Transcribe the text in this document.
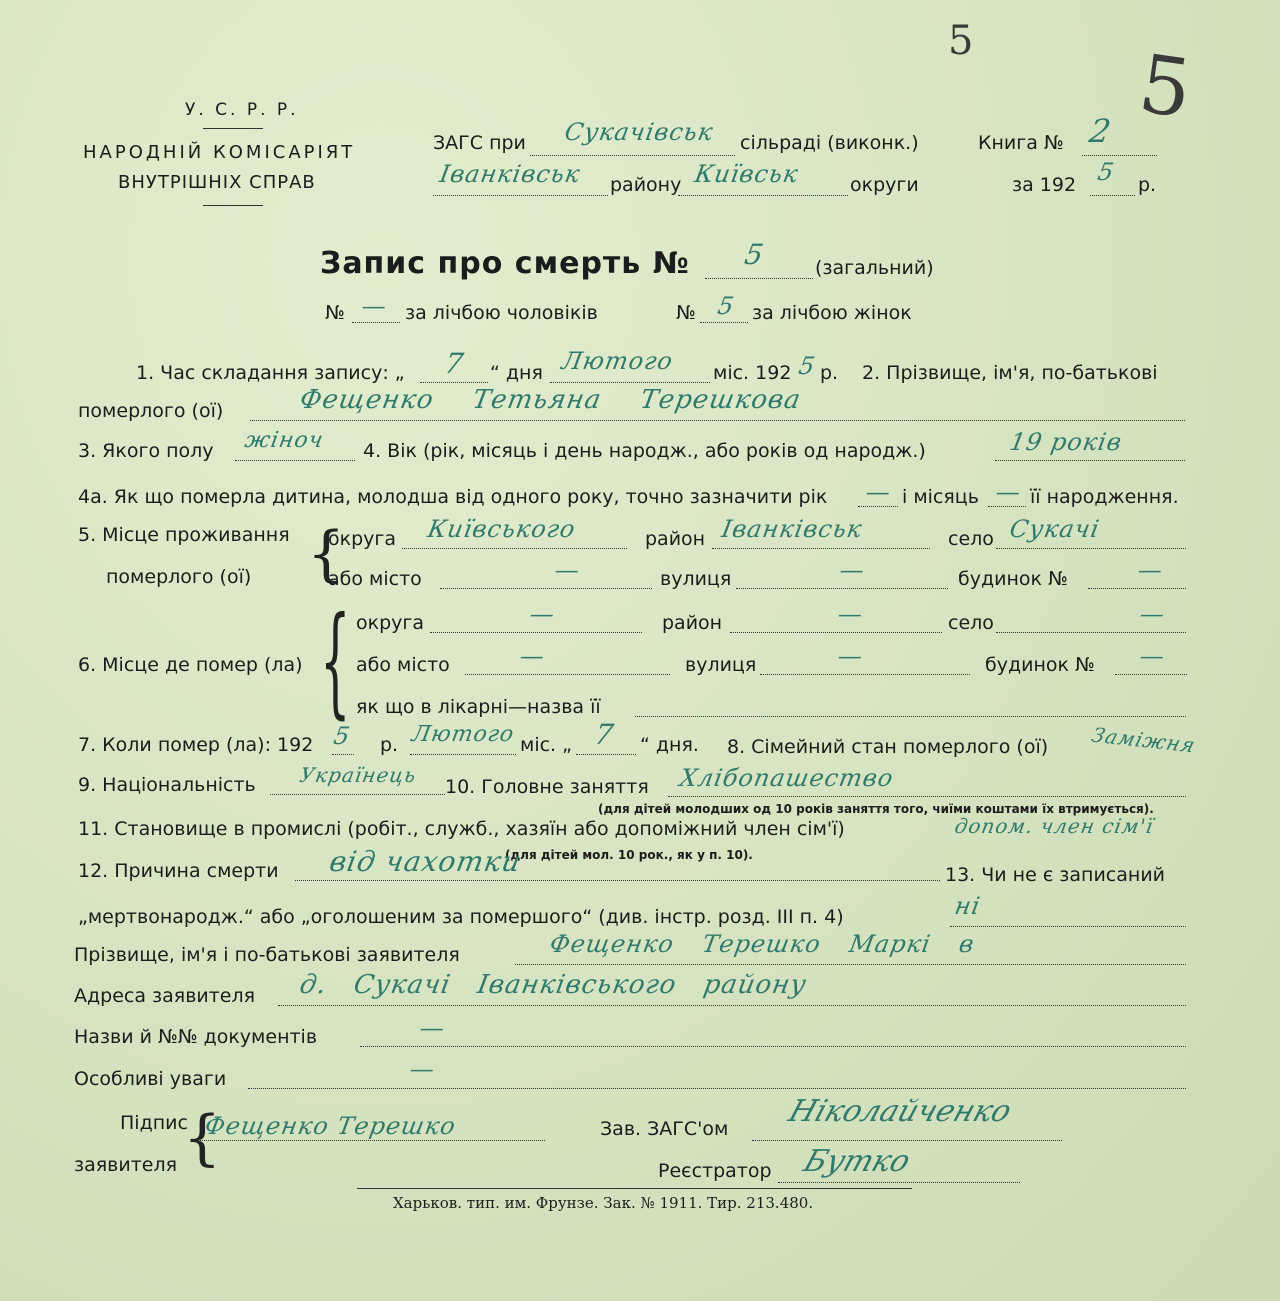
5 5
У. С. Р. Р.
НАРОДНІЙ КОМІСАРІЯТ
ВНУТРІШНІХ СПРАВ
ЗАГС при Сукачівськ сільраді (виконк.)	Книга № 2
Іванківськ району Київськ	округи	за 192 5 р.
Запис про смерть № 5	(загальний)
№ — за лічбою чоловіків	№ 5 за лічбою жінок
1. Час складання запису: „ 7 “ дня Лютого міс. 192 5 р. 2. Прізвище, ім'я, по-батькові
померлого (ої)	Фещенко Тетьяна Терешкова
3. Якого полу жіноч 4. Вік (рік, місяць і день народж., або років од народж.)	19 років
4а. Як що померла дитина, молодша від одного року, точно зазначити рік — і місяць — її народження.
5. Місце проживання
померлого (ої) {
округа Київського	район Іванківськ	село Сукачі
або місто	—	вулиця	—	будинок №	—
{ округа	—	район	—	село	—
6. Місце де помер (ла)	або місто	—	вулиця	—	будинок № —
як що в лікарні—назва її
7. Коли помер (ла): 192 5 р. Лютого міс. „ 7 “ дня. 8. Сімейний стан померлого (ої) Заміжня
9. Національність Українець 10. Головне заняття Хлібопашество
(для дітей молодших од 10 років заняття того, чиїми коштами їх втримується).
11. Становище в промислі (робіт., служб., хазяїн або допоміжний член сім'ї)	допом. член сім'ї
(для дітей мол. 10 рок., як у п. 10).
12. Причина смерти від чахотки	13. Чи не є записаний
„мертвонародж.“ або „оголошеним за помершого“ (див. інстр. розд. III п. 4)	ні
Прізвище, ім'я і по-батькові заявителя	Фещенко Терешко Маркі в
Адреса заявителя д. Сукачі Іванківського району
Назви й №№ документів	—
Особливі уваги	—
Підпис
заявителя {
Фещенко Терешко	Зав. ЗАГС'ом Ніколайченко
Реєстратор Бутко
Харьков. тип. им. Фрунзе. Зак. № 1911. Тир. 213.480.
